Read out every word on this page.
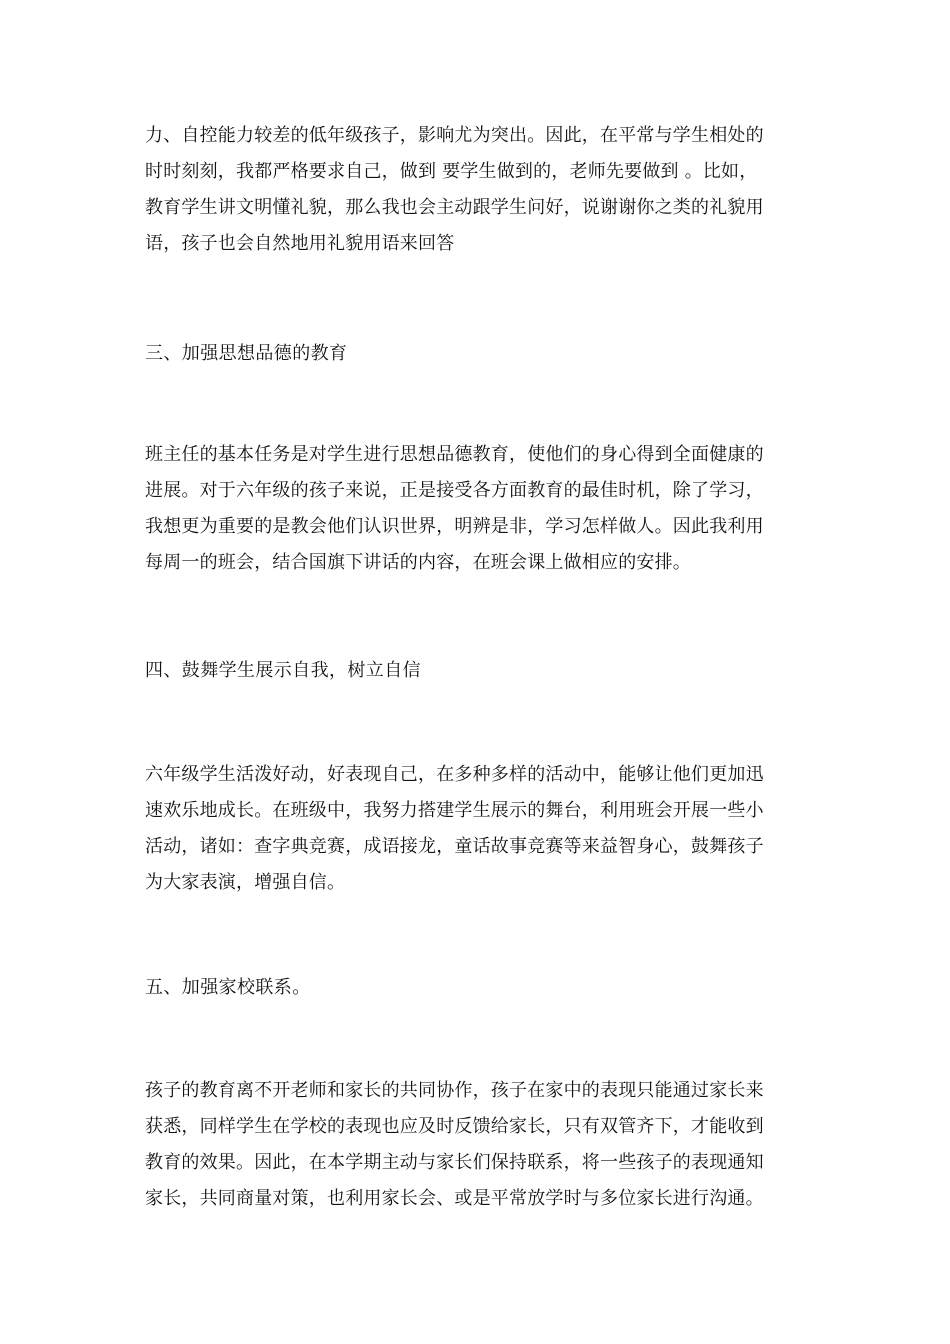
力、自控能力较差的低年级孩子，影响尤为突出。因此，在平常与学生相处的
时时刻刻，我都严格要求自己，做到 要学生做到的，老师先要做到 。比如，
教育学生讲文明懂礼貌，那么我也会主动跟学生问好，说谢谢你之类的礼貌用
语，孩子也会自然地用礼貌用语来回答
三、加强思想品德的教育
班主任的基本任务是对学生进行思想品德教育，使他们的身心得到全面健康的
进展。对于六年级的孩子来说，正是接受各方面教育的最佳时机，除了学习，
我想更为重要的是教会他们认识世界，明辨是非，学习怎样做人。因此我利用
每周一的班会，结合国旗下讲话的内容，在班会课上做相应的安排。
四、鼓舞学生展示自我，树立自信
六年级学生活泼好动，好表现自己，在多种多样的活动中，能够让他们更加迅
速欢乐地成长。在班级中，我努力搭建学生展示的舞台，利用班会开展一些小
活动，诸如：查字典竞赛，成语接龙，童话故事竞赛等来益智身心，鼓舞孩子
为大家表演，增强自信。
五、加强家校联系。
孩子的教育离不开老师和家长的共同协作，孩子在家中的表现只能通过家长来
获悉，同样学生在学校的表现也应及时反馈给家长，只有双管齐下，才能收到
教育的效果。因此，在本学期主动与家长们保持联系，将一些孩子的表现通知
家长，共同商量对策，也利用家长会、或是平常放学时与多位家长进行沟通。
